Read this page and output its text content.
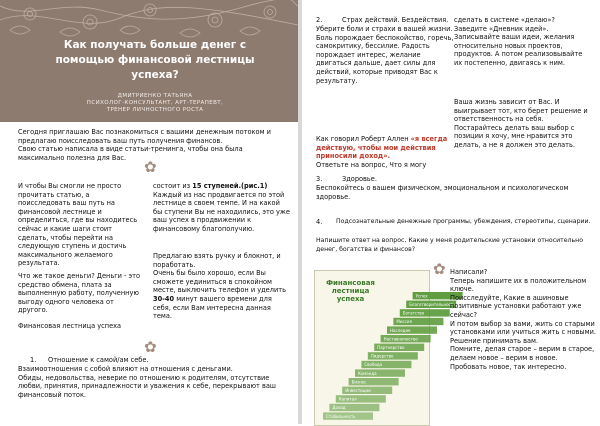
Как получать больше денег с помощью финансовой лестницы успеха?
ДМИТРИЕНКО ТАТЬЯНА
ПСИХОЛОГ-КОНСУЛЬТАНТ, АРТ-ТЕРАПЕВТ, ТРЕНЕР ЛИЧНОСТНОГО РОСТА
Сегодня приглашаю Вас познакомиться с вашими денежным потоком и предлагаю поисследовать ваш путь получения финансов.
Свою статью написала в виде статьи-тренинга, чтобы она была максимально полезна для Вас.
✿
✿
И чтобы Вы смогли не просто прочитать статью, а поисследовать ваш путь на финансовой лестнице и определиться, где вы находитесь сейчас и какие шаги стоит сделать, чтобы перейти на следующую ступень и достичь максимального желаемого результата.
Что же такое деньги? Деньги - это средство обмена, плата за выполненную работу, полученную выгоду одного человека от другого.
Финансовая лестница успеха
состоит из 15 ступеней.(рис.1)
Каждый из нас продвигается по этой лестнице в своем темпе. И на какой бы ступени Вы не находились, это уже ваш успех в продвижении к финансовому благополучию.
Предлагаю взять ручку и блокнот, и поработать.
Очень бы было хорошо, если Вы сможете уединиться в спокойном месте, выключить телефон и уделить 30-40 минут вашего времени для себя, если Вам интересна данная тема.
1.	Отношение к самой/ам себе.
Взаимоотношения с собой влияют на отношения с деньгами.
Обиды, недовольства, неверие по отношению к родителям, отсутствие любви, принятия, принадлежности и уважения к себе, перекрывают ваш финансовый поток.
2.	Страх действий. Бездействия.
Уберите боли и страхи в вашей жизни.
Боль порождает беспокойство, горечь, самокритику, бессилие. Радость порождает интерес, желание двигаться дальше, дает силы для действий, которые приводят Вас к результату.
Как говорил Роберт Аллен «я всегда действую, чтобы мои действия приносили доход».
Ответьте на вопрос, Что я могу
сделать в системе «делаю»?
Заведите «Дневник идей». Записывайте ваши идеи, желания относительно новых проектов, продуктов. А потом реализовывайте их постепенно, двигаясь к ним.
Ваша жизнь зависит от Вас. И выигрывает тот, кто берет решение и ответственность на себя. Постарайтесь делать ваш выбор с позиции я хочу, мне нравится это делать, а не я должен это делать.
3.	Здоровье.
Беспокойтесь о вашем физическом, эмоциональном и психологическом здоровье.
4.	Подсознательные денежные программы, убеждения, стереотипы, сценарии.
Напишите ответ на вопрос, Какие у меня родительские установки относительно денег, богатства и финансов?
Стабильность
Доход
Капитал
Инвестиции
Бизнес
Команда
Свобода
Лидерство
Партнерство
Наставничество
Наследие
Миссия
Богатство
Благотворительность
Успех
Финансовая лестница успеха
✿ Написали?
Теперь напишите их в положительном ключе.
Поисследуйте, Какие в ашиновые позитивные установки работают уже сейчас?
И потом выбор за вами, жить со старыми установками или учиться жить с новыми. Решение принимать вам.
Помните, делая старое – верим в старое, делаем новое – верим в новое.
Пробовать новое, так интересно.
